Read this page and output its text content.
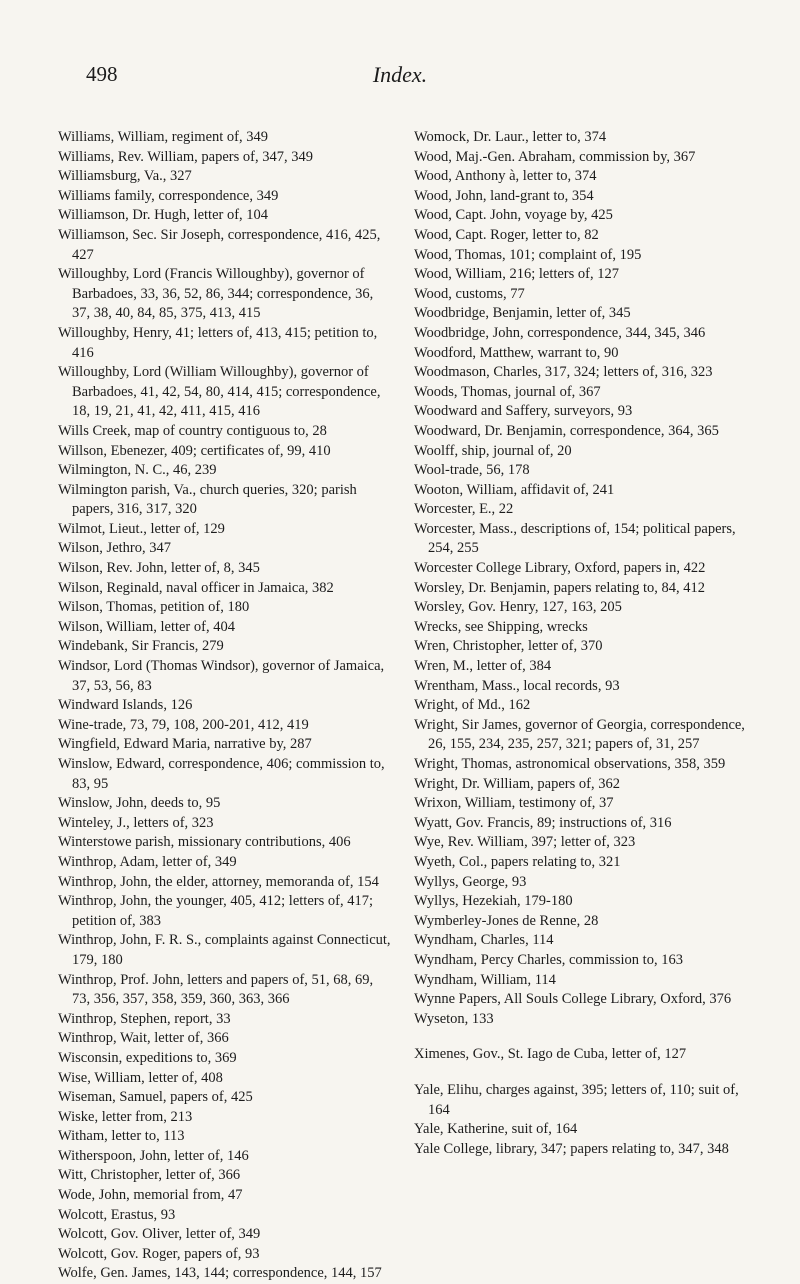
498	Index.

Williams, William, regiment of, 349

Williams, Rev. William, papers of, 347, 349

Williamsburg, Va., 327

Williams family, correspondence, 349

Williamson, Dr. Hugh, letter of, 104

Williamson, Sec. Sir Joseph, correspondence, 416, 425, 427

Willoughby, Lord (Francis Willoughby), governor of Barbadoes, 33, 36, 52, 86, 344; correspondence, 36, 37, 38, 40, 84, 85, 375, 413, 415

Willoughby, Henry, 41; letters of, 413, 415; petition to, 416

Willoughby, Lord (William Willoughby), governor of Barbadoes, 41, 42, 54, 80, 414, 415; correspondence, 18, 19, 21, 41, 42, 411, 415, 416

Wills Creek, map of country contiguous to, 28

Willson, Ebenezer, 409; certificates of, 99, 410

Wilmington, N. C., 46, 239

Wilmington parish, Va., church queries, 320; parish papers, 316, 317, 320

Wilmot, Lieut., letter of, 129

Wilson, Jethro, 347

Wilson, Rev. John, letter of, 8, 345

Wilson, Reginald, naval officer in Jamaica, 382

Wilson, Thomas, petition of, 180

Wilson, William, letter of, 404

Windebank, Sir Francis, 279

Windsor, Lord (Thomas Windsor), governor of Jamaica, 37, 53, 56, 83

Windward Islands, 126

Wine-trade, 73, 79, 108, 200-201, 412, 419

Wingfield, Edward Maria, narrative by, 287

Winslow, Edward, correspondence, 406; commission to, 83, 95

Winslow, John, deeds to, 95

Winteley, J., letters of, 323

Winterstowe parish, missionary contributions, 406

Winthrop, Adam, letter of, 349

Winthrop, John, the elder, attorney, memoranda of, 154

Winthrop, John, the younger, 405, 412; letters of, 417; petition of, 383

Winthrop, John, F. R. S., complaints against Connecticut, 179, 180

Winthrop, Prof. John, letters and papers of, 51, 68, 69, 73, 356, 357, 358, 359, 360, 363, 366

Winthrop, Stephen, report, 33

Winthrop, Wait, letter of, 366

Wisconsin, expeditions to, 369

Wise, William, letter of, 408

Wiseman, Samuel, papers of, 425

Wiske, letter from, 213

Witham, letter to, 113

Witherspoon, John, letter of, 146

Witt, Christopher, letter of, 366

Wode, John, memorial from, 47

Wolcott, Erastus, 93

Wolcott, Gov. Oliver, letter of, 349

Wolcott, Gov. Roger, papers of, 93

Wolfe, Gen. James, 143, 144; correspondence, 144, 157

Womock, Dr. Laur., letter to, 374

Wood, Maj.-Gen. Abraham, commission by, 367

Wood, Anthony à, letter to, 374

Wood, John, land-grant to, 354

Wood, Capt. John, voyage by, 425

Wood, Capt. Roger, letter to, 82

Wood, Thomas, 101; complaint of, 195

Wood, William, 216; letters of, 127

Wood, customs, 77

Woodbridge, Benjamin, letter of, 345

Woodbridge, John, correspondence, 344, 345, 346

Woodford, Matthew, warrant to, 90

Woodmason, Charles, 317, 324; letters of, 316, 323

Woods, Thomas, journal of, 367

Woodward and Saffery, surveyors, 93

Woodward, Dr. Benjamin, correspondence, 364, 365

Woolff, ship, journal of, 20

Wool-trade, 56, 178

Wooton, William, affidavit of, 241

Worcester, E., 22

Worcester, Mass., descriptions of, 154; political papers, 254, 255

Worcester College Library, Oxford, papers in, 422

Worsley, Dr. Benjamin, papers relating to, 84, 412

Worsley, Gov. Henry, 127, 163, 205

Wrecks, see Shipping, wrecks

Wren, Christopher, letter of, 370

Wren, M., letter of, 384

Wrentham, Mass., local records, 93

Wright, of Md., 162

Wright, Sir James, governor of Georgia, correspondence, 26, 155, 234, 235, 257, 321; papers of, 31, 257

Wright, Thomas, astronomical observations, 358, 359

Wright, Dr. William, papers of, 362

Wrixon, William, testimony of, 37

Wyatt, Gov. Francis, 89; instructions of, 316

Wye, Rev. William, 397; letter of, 323

Wyeth, Col., papers relating to, 321

Wyllys, George, 93

Wyllys, Hezekiah, 179-180

Wymberley-Jones de Renne, 28

Wyndham, Charles, 114

Wyndham, Percy Charles, commission to, 163

Wyndham, William, 114

Wynne Papers, All Souls College Library, Oxford, 376

Wyseton, 133

Ximenes, Gov., St. Iago de Cuba, letter of, 127

Yale, Elihu, charges against, 395; letters of, 110; suit of, 164

Yale, Katherine, suit of, 164

Yale College, library, 347; papers relating to, 347, 348
